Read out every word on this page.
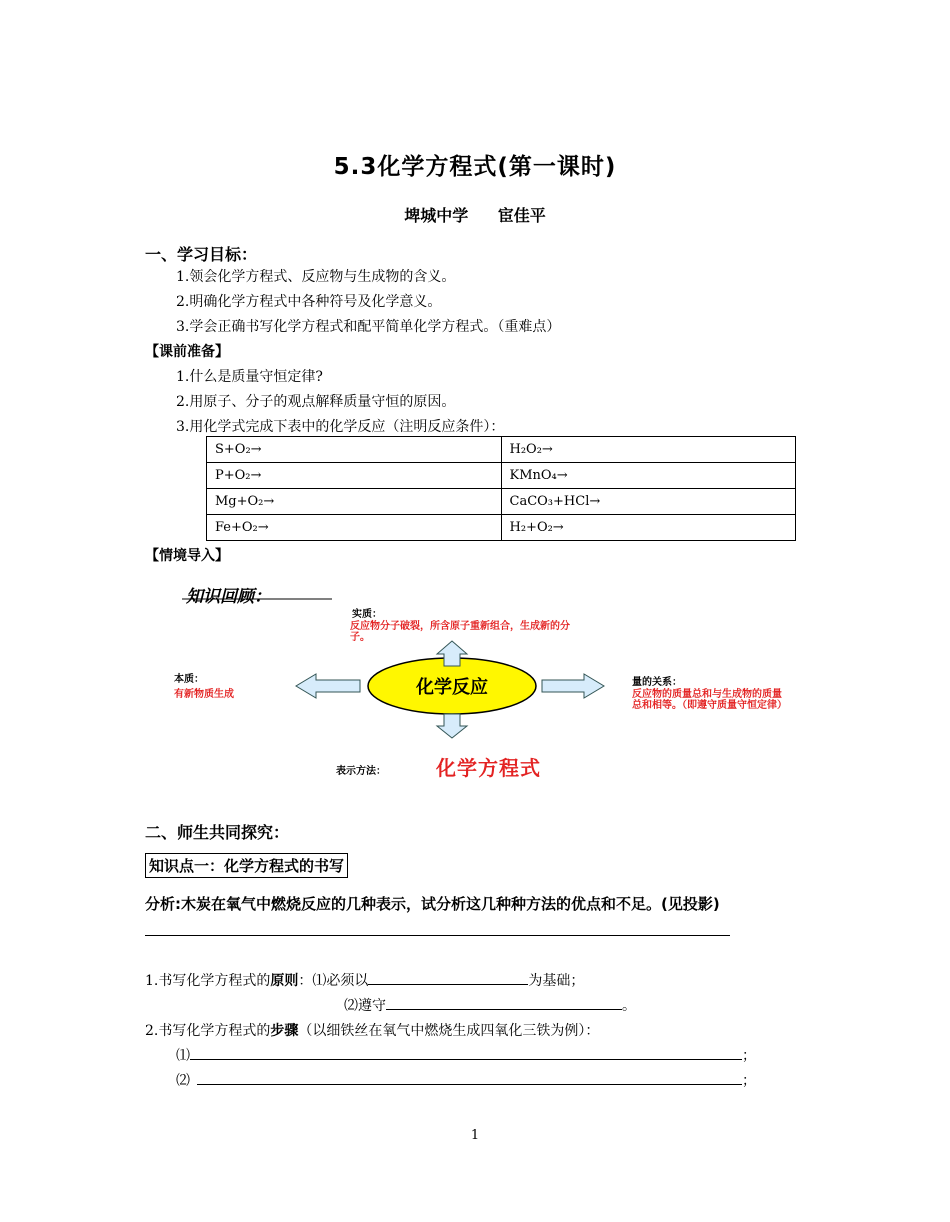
5.3化学方程式(第一课时)
埤城中学 宦佳平
一、学习目标：
1.领会化学方程式、反应物与生成物的含义。
2.明确化学方程式中各种符号及化学意义。
3.学会正确书写化学方程式和配平简单化学方程式。（重难点）
【课前准备】
1.什么是质量守恒定律?
2.用原子、分子的观点解释质量守恒的原因。
3.用化学式完成下表中的化学反应（注明反应条件）：
S+O₂→	H₂O₂→
P+O₂→	KMnO₄→
Mg+O₂→	CaCO₃+HCl→
Fe+O₂→	H₂+O₂→
【情境导入】
知识回顾：
化学反应
实质：
反应物分子破裂，所含原子重新组合，生成新的分子。
本质：
有新物质生成
量的关系：
反应物的质量总和与生成物的质量总和相等。（即遵守质量守恒定律）
表示方法：	化学方程式
二、师生共同探究：
知识点一：化学方程式的书写
分析:木炭在氧气中燃烧反应的几种表示，试分析这几种种方法的优点和不足。(见投影)
1.书写化学方程式的原则：⑴必须以	为基础；
⑵遵守	。
2.书写化学方程式的步骤（以细铁丝在氧气中燃烧生成四氧化三铁为例）：
⑴	；
⑵	；
1
